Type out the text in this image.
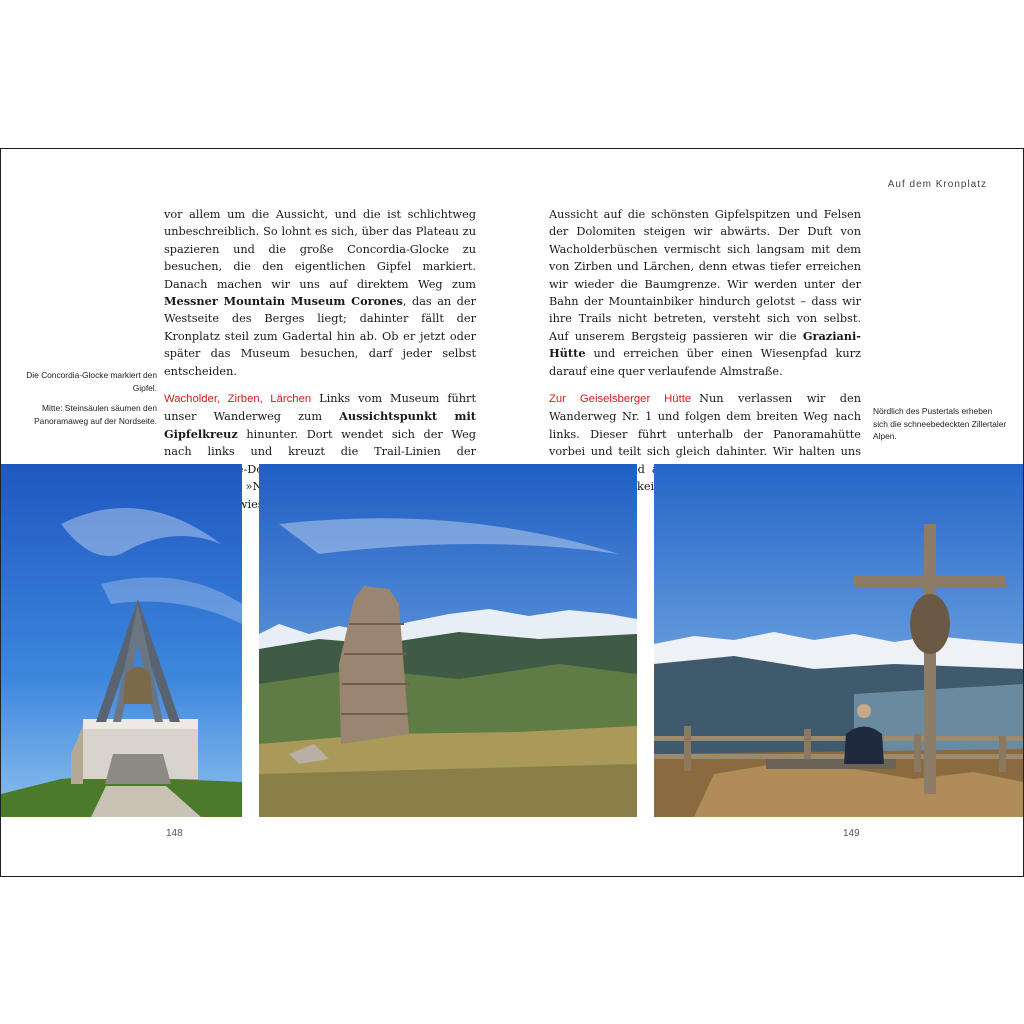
Auf dem Kronplatz

vor allem um die Aussicht, und die ist schlichtweg unbeschreiblich. So lohnt es sich, über das Plateau zu spazieren und die große Concordia-Glocke zu besuchen, die den eigentlichen Gipfel markiert. Danach machen wir uns auf direktem Weg zum Messner Mountain Museum Corones, das an der Westseite des Berges liegt; dahinter fällt der Kronplatz steil zum Gadertal hin ab. Ob er jetzt oder später das Museum besuchen, darf jeder selbst entscheiden.

Wacholder, Zirben, Lärchen Links vom Museum führt unser Wanderweg zum Aussichtspunkt mit Gipfelkreuz hinunter. Dort wendet sich der Weg nach links und kreuzt die Trail-Linien der »Nr. Almwiesen.

Aussicht auf die schönsten Gipfelspitzen und Felsen der Dolomiten steigen wir abwärts. Der Duft von Wacholderbüschen vermischt sich langsam mit dem von Zirben und Lärchen, denn etwas tiefer erreichen wir wieder die Baumgrenze. Wir werden unter der Bahn der Mountainbiker hindurch gelotst – dass wir ihre Trails nicht betreten, versteht sich von selbst. Auf unserem Bergsteig passieren wir die Graziani-Hütte und erreichen über einen Wiesenpfad kurz darauf eine quer verlaufende Almstraße.

Zur Geiselsberger Hütte Nun verlassen wir den Wanderweg Nr. 1 und folgen dem breiten Weg nach links. Dieser führt unterhalb der Panoramahütte vorbei und teilt sich gleich dahinter. Wir halten uns kein

Die Concordia-Glocke markiert den Gipfel.

Mitte: Steinsäulen säumen den Panoramaweg auf der Nordseite.

Nördlich des Pustertals erheben sich die schneebedeckten Zillertaler Alpen.

148	149
